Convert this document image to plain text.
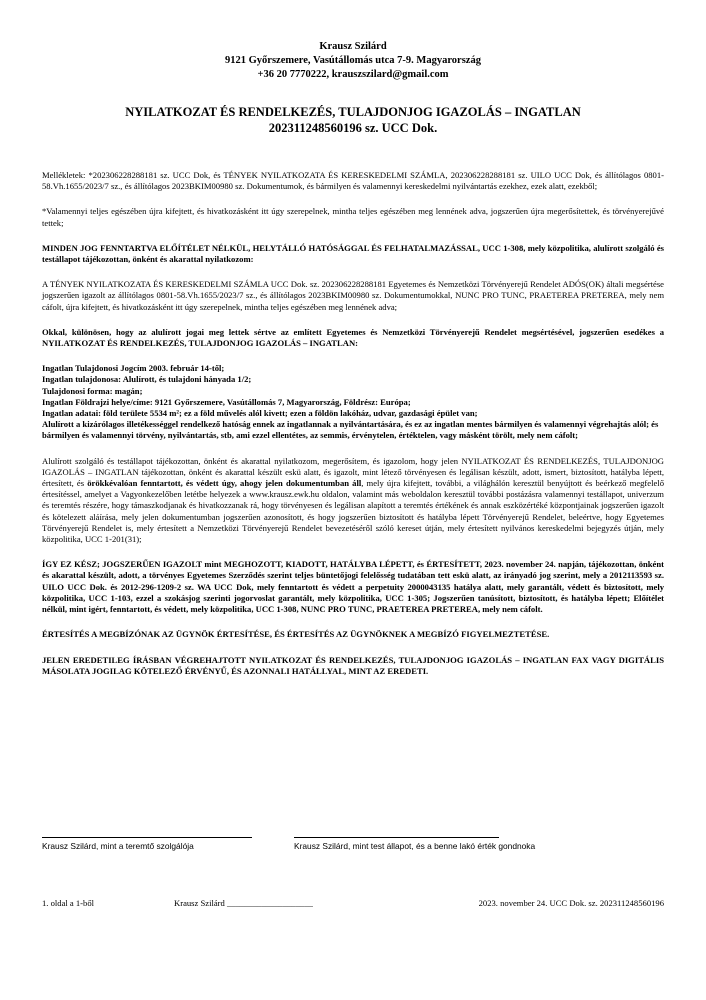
Krausz Szilárd
9121 Győrszemere, Vasútállomás utca 7-9. Magyarország
+36 20 7770222, krauszszilard@gmail.com
NYILATKOZAT ÉS RENDELKEZÉS, TULAJDONJOG IGAZOLÁS – INGATLAN
202311248560196 sz. UCC Dok.

Mellékletek: *202306228288181 sz. UCC Dok, és TÉNYEK NYILATKOZATA ÉS KERESKEDELMI SZÁMLA, 202306228288181 sz. UILO UCC Dok, és állítólagos 0801-58.Vh.1655/2023/7 sz., és állítólagos 2023BKIM00980 sz. Dokumentumok, és bármilyen és valamennyi kereskedelmi nyilvántartás ezekhez, ezek alatt, ezekből;

*Valamennyi teljes egészében újra kifejtett, és hivatkozásként itt úgy szerepelnek, mintha teljes egészében meg lennének adva, jogszerűen újra megerősítettek, és törvényerejűvé tettek;

MINDEN JOG FENNTARTVA ELŐÍTÉLET NÉLKÜL, HELYTÁLLÓ HATÓSÁGGAL ÉS FELHATALMAZÁSSAL, UCC 1-308, mely közpolitika, alulírott szolgáló és testállapot tájékozottan, önként és akarattal nyilatkozom:

A TÉNYEK NYILATKOZATA ÉS KERESKEDELMI SZÁMLA UCC Dok. sz. 202306228288181 Egyetemes és Nemzetközi Törvényerejű Rendelet ADÓS(OK) általi megsértése jogszerűen igazolt az állítólagos 0801-58.Vh.1655/2023/7 sz., és állítólagos 2023BKIM00980 sz. Dokumentumokkal, NUNC PRO TUNC, PRAETEREA PRETEREA, mely nem cáfolt, újra kifejtett, és hivatkozásként itt úgy szerepelnek, mintha teljes egészében meg lennének adva;

Okkal, különösen, hogy az alulírott jogai meg lettek sértve az említett Egyetemes és Nemzetközi Törvényerejű Rendelet megsértésével, jogszerűen esedékes a NYILATKOZAT ÉS RENDELKEZÉS, TULAJDONJOG IGAZOLÁS – INGATLAN:

Ingatlan Tulajdonosi Jogcím 2003. február 14-től;

Ingatlan tulajdonosa: Alulírott, és tulajdoni hányada 1/2;

Tulajdonosi forma: magán;

Ingatlan Földrajzi helye/címe: 9121 Győrszemere, Vasútállomás 7, Magyarország, Földrész: Európa;

Ingatlan adatai: föld területe 5534 m²; ez a föld művelés alól kivett; ezen a földön lakóház, udvar, gazdasági épület van;

Alulírott a kizárólagos illetékességgel rendelkező hatóság ennek az ingatlannak a nyilvántartására, és ez az ingatlan mentes bármilyen és valamennyi végrehajtás alól; és

bármilyen és valamennyi törvény, nyilvántartás, stb, ami ezzel ellentétes, az semmis, érvénytelen, értéktelen, vagy másként törölt, mely nem cáfolt;

Alulírott szolgáló és testállapot tájékozottan, önként és akarattal nyilatkozom, megerősítem, és igazolom, hogy jelen NYILATKOZAT ÉS RENDELKEZÉS, TULAJDONJOG IGAZOLÁS – INGATLAN tájékozottan, önként és akarattal készült eskü alatt, és igazolt, mint létező törvényesen és legálisan készült, adott, ismert, biztosított, hatályba lépett, értesített, és örökkévalóan fenntartott, és védett úgy, ahogy jelen dokumentumban áll, mely újra kifejtett, további, a világhálón keresztül benyújtott és beérkező megfelelő értesítéssel, amelyet a Vagyonkezelőben letétbe helyezek a www.krausz.ewk.hu oldalon, valamint más weboldalon keresztül további postázásra valamennyi testállapot, univerzum és teremtés részére, hogy támaszkodjanak és hivatkozzanak rá, hogy törvényesen és legálisan alapított a teremtés értékének és annak eszközértéké központjainak jogszerűen igazolt és kötelezett aláírása, mely jelen dokumentumban jogszerűen azonosított, és hogy jogszerűen biztosított és hatályba lépett Törvényerejű Rendelet, beleértve, hogy Egyetemes Törvényerejű Rendelet is, mely értesített a Nemzetközi Törvényerejű Rendelet bevezetéséről szóló kereset útján, mely értesített nyilvános kereskedelmi bejegyzés útján, mely közpolitika, UCC 1-201(31);

ÍGY EZ KÉSZ; JOGSZERŰEN IGAZOLT mint MEGHOZOTT, KIADOTT, HATÁLYBA LÉPETT, és ÉRTESÍTETT, 2023. november 24. napján, tájékozottan, önként és akarattal készült, adott, a törvényes Egyetemes Szerződés szerint teljes büntetőjogi felelősség tudatában tett eskü alatt, az irányadó jog szerint, mely a 2012113593 sz. UILO UCC Dok. és 2012-296-1209-2 sz. WA UCC Dok, mely fenntartott és védett a perpetuity 2000043135 hatálya alatt, mely garantált, védett és biztosított, mely közpolitika, UCC 1-103, ezzel a szokásjog szerinti jogorvoslat garantált, mely közpolitika, UCC 1-305; Jogszerűen tanúsított, biztosított, és hatályba lépett; Előítélet nélkül, mint igért, fenntartott, és védett, mely közpolitika, UCC 1-308, NUNC PRO TUNC, PRAETEREA PRETEREA, mely nem cáfolt.

ÉRTESÍTÉS A MEGBÍZÓNAK AZ ÜGYNÖK ÉRTESÍTÉSE, ÉS ÉRTESÍTÉS AZ ÜGYNÖKNEK A MEGBÍZÓ FIGYELMEZTETÉSE.

JELEN EREDETILEG ÍRÁSBAN VÉGREHAJTOTT NYILATKOZAT ÉS RENDELKEZÉS, TULAJDONJOG IGAZOLÁS – INGATLAN FAX VAGY DIGITÁLIS MÁSOLATA JOGILAG KÖTELEZŐ ÉRVÉNYŰ, ÉS AZONNALI HATÁLLYAL, MINT AZ EREDETI.

Krausz Szilárd, mint a teremtő szolgálója	Krausz Szilárd, mint test állapot, és a benne lakó érték gondnoka
1. oldal a 1-ből	Krausz Szilárd ____________________	2023. november 24. UCC Dok. sz. 202311248560196
